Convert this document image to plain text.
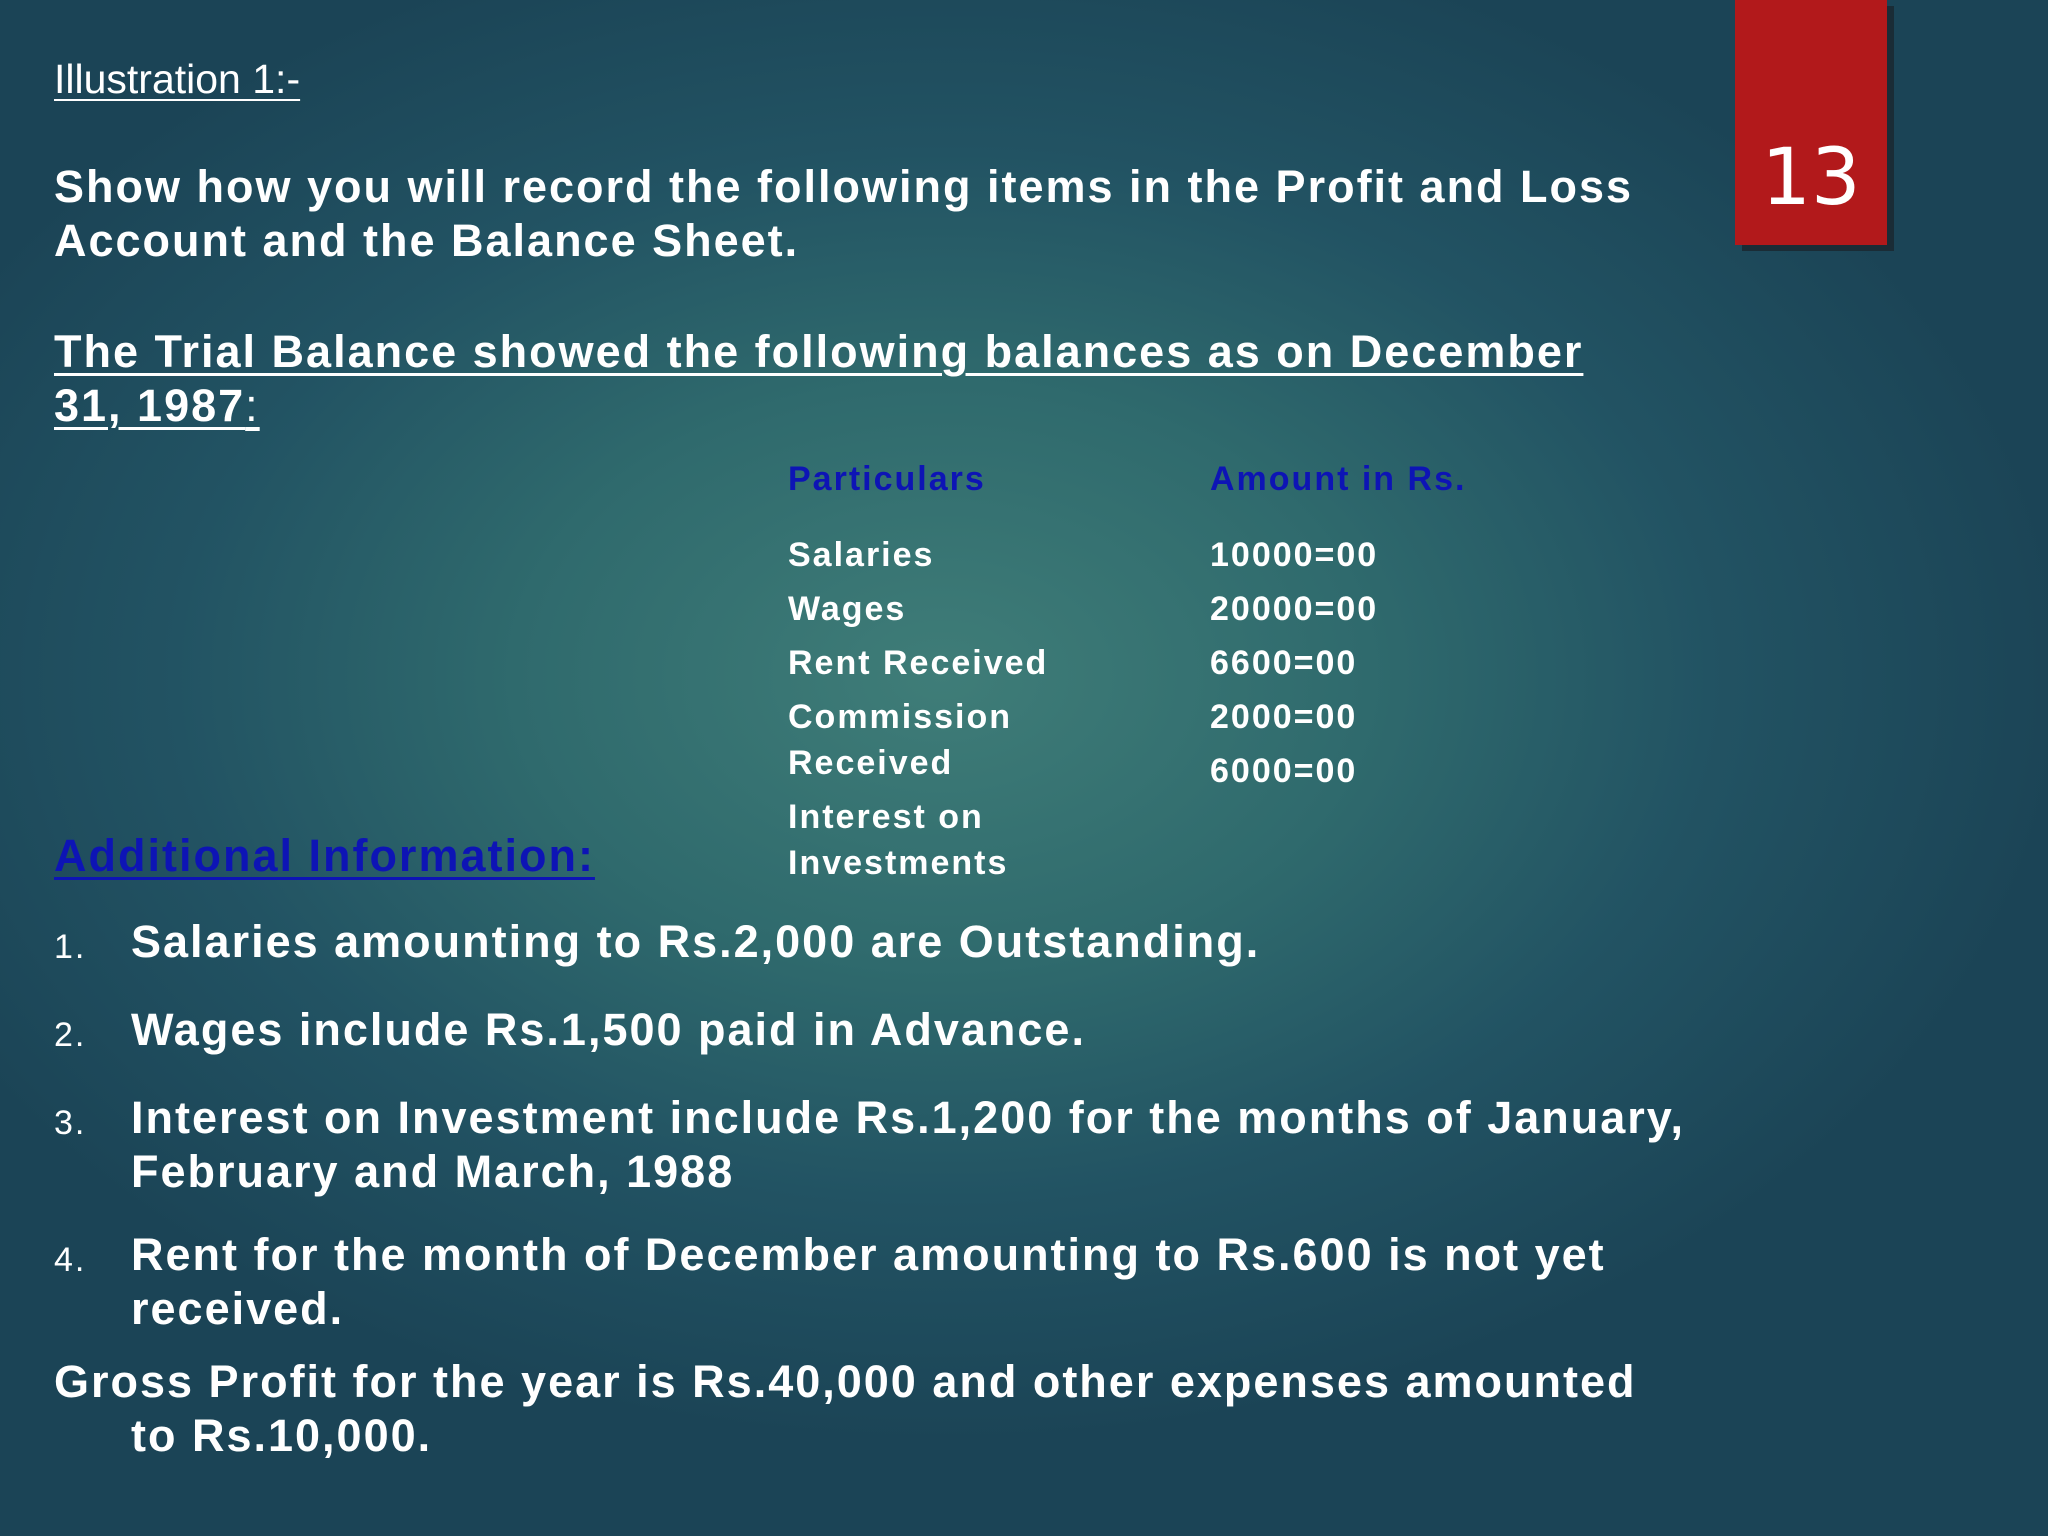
13
Illustration 1:-
Show how you will record the following items in the Profit and Loss Account and the Balance Sheet.
The Trial Balance showed the following balances as on December 31, 1987:
Particulars	Amount in Rs.
Salaries
Wages
Rent Received
Commission Received
Interest on Investments
10000=00
20000=00
6600=00
2000=00
6000=00
Additional Information:
1. Salaries amounting to Rs.2,000 are Outstanding.
2. Wages include Rs.1,500 paid in Advance.
3. Interest on Investment include Rs.1,200 for the months of January, February and March, 1988
4. Rent for the month of December amounting to Rs.600 is not yet received.
Gross Profit for the year is Rs.40,000 and other expenses amounted to Rs.10,000.
